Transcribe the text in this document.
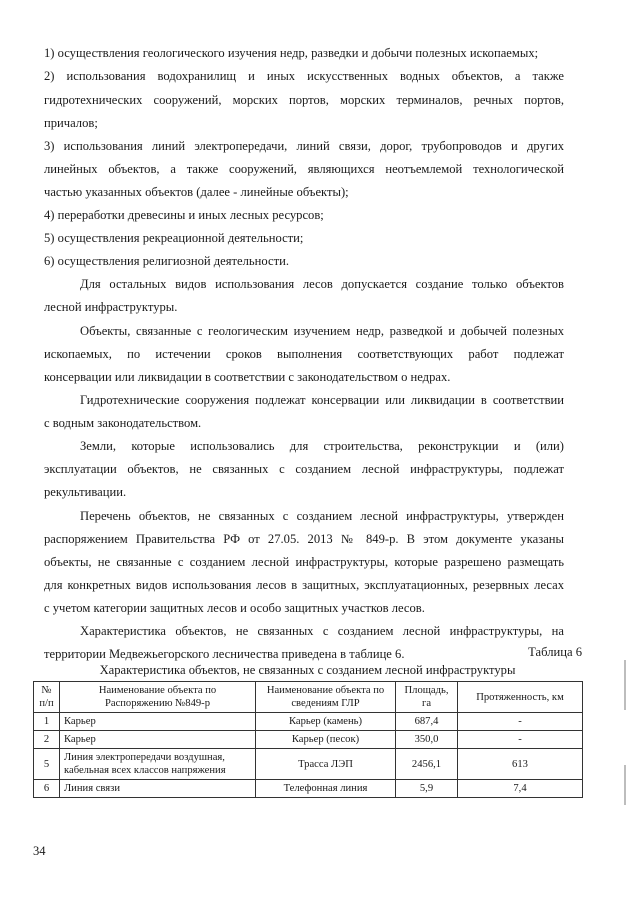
1) осуществления геологического изучения недр, разведки и добычи полезных ископаемых;
2) использования водохранилищ и иных искусственных водных объектов, а также
гидротехнических сооружений, морских портов, морских терминалов, речных портов,
причалов;
3) использования линий электропередачи, линий связи, дорог, трубопроводов и других
линейных объектов, а также сооружений, являющихся неотъемлемой технологической
частью указанных объектов (далее - линейные объекты);
4) переработки древесины и иных лесных ресурсов;
5) осуществления рекреационной деятельности;
6) осуществления религиозной деятельности.
Для остальных видов использования лесов допускается создание только объектов
лесной инфраструктуры.
Объекты, связанные с геологическим изучением недр, разведкой и добычей полезных
ископаемых, по истечении сроков выполнения соответствующих работ подлежат
консервации или ликвидации в соответствии с законодательством о недрах.
Гидротехнические сооружения подлежат консервации или ликвидации в соответствии
с водным законодательством.
Земли, которые использовались для строительства, реконструкции и (или)
эксплуатации объектов, не связанных с созданием лесной инфраструктуры, подлежат
рекультивации.
Перечень объектов, не связанных с созданием лесной инфраструктуры, утвержден
распоряжением Правительства РФ от 27.05. 2013 № 849-р. В этом документе указаны
объекты, не связанные с созданием лесной инфраструктуры, которые разрешено размещать
для конкретных видов использования лесов в защитных, эксплуатационных, резервных лесах
с учетом категории защитных лесов и особо защитных участков лесов.
Характеристика объектов, не связанных с созданием лесной инфраструктуры, на
территории Медвежьегорского лесничества приведена в таблице 6.	Таблица 6
Характеристика объектов, не связанных с созданием лесной инфраструктуры
№ п/п	Наименование объекта по Распоряжению №849-р	Наименование объекта по сведениям ГЛР	Площадь, га	Протяженность, км
1	Карьер	Карьер (камень)	687,4	-
2	Карьер	Карьер (песок)	350,0	-
5	Линия электропередачи воздушная, кабельная всех классов напряжения	Трасса ЛЭП	2456,1	613
6	Линия связи	Телефонная линия	5,9	7,4
34
